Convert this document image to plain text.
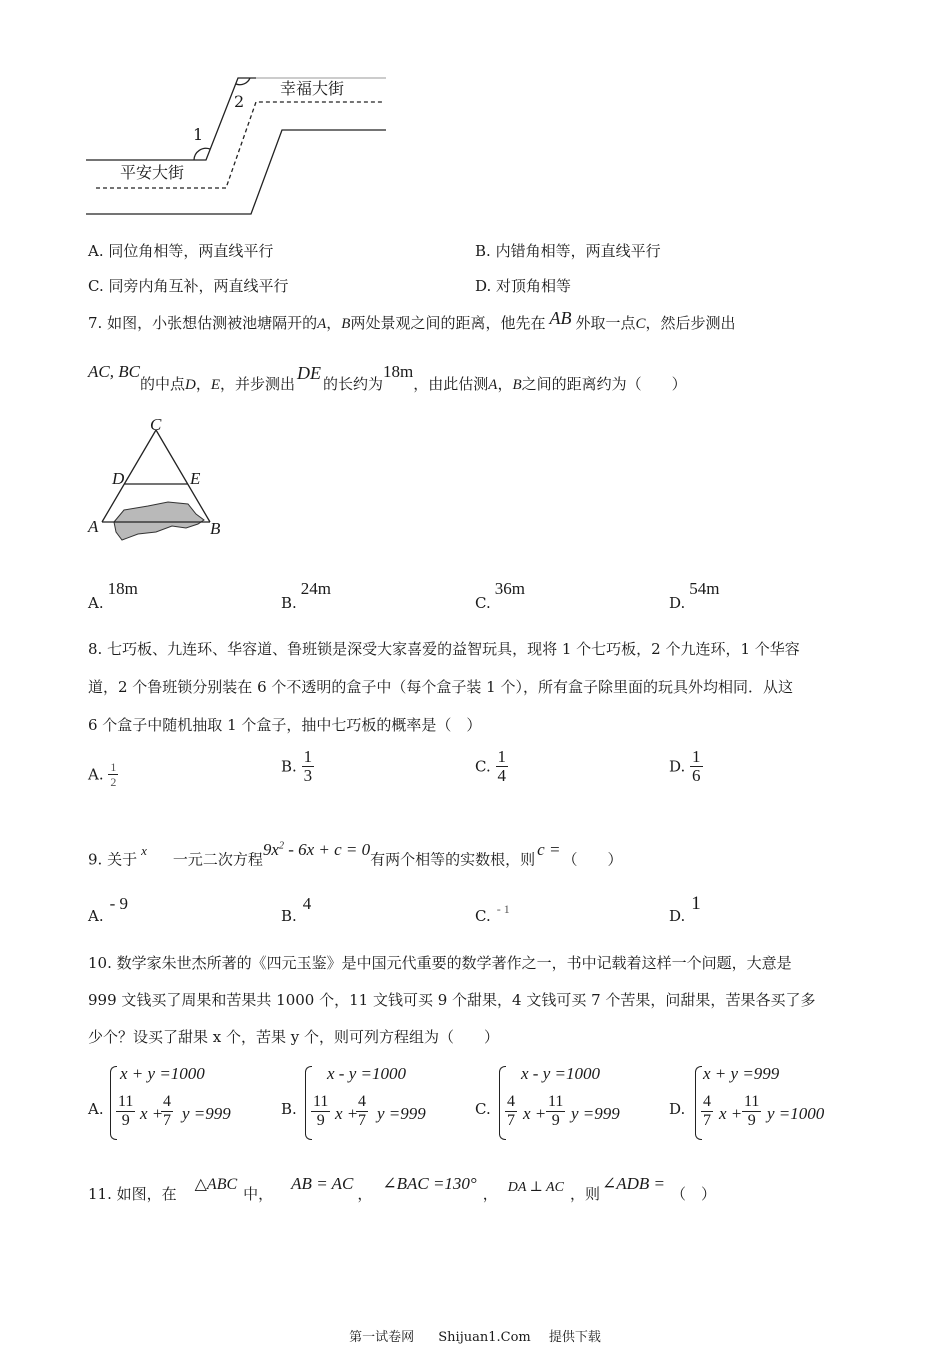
幸福大街
平安大街
1
2
A. 同位角相等，两直线平行	B. 内错角相等，两直线平行
C. 同旁内角互补，两直线平行	D. 对顶角相等
7. 如图，小张想估测被池塘隔开的A，B两处景观之间的距离，他先在 AB 外取一点C，然后步测出
AC, BC的中点D，E，并步测出DE的长约为18m，由此估测A，B之间的距离约为（　　）
C
D	E
A	B
A.18m
B.24m
C.36m
D.54m
8. 七巧板、九连环、华容道、鲁班锁是深受大家喜爱的益智玩具，现将 1 个七巧板，2 个九连环，1 个华容
道，2 个鲁班锁分别装在 6 个不透明的盒子中（每个盒子装 1 个），所有盒子除里面的玩具外均相同．从这
6 个盒子中随机抽取 1 个盒子，抽中七巧板的概率是（　）
A. $\frac{1}{2}$	B. $\frac{1}{3}$	C. $\frac{1}{4}$	D. $\frac{1}{6}$
9. 关于x一元二次方程$9x^2 - 6x + c = 0$有两个相等的实数根，则c =（　　）
A.- 9
B.4
C. $^{- 1}$	D.1
10. 数学家朱世杰所著的《四元玉鉴》是中国元代重要的数学著作之一，书中记载着这样一个问题，大意是
999 文钱买了周果和苦果共 1000 个，11 文钱可买 9 个甜果，4 文钱可买 7 个苦果，问甜果，苦果各买了多
少个？设买了甜果 x 个，苦果 y 个，则可列方程组为（　　）
A.
x + y =1000
$\frac{11}{9}$ x +
$\frac{4}{7}$ y =999	B.
x - y =1000
$\frac{11}{9}$ x +
$\frac{4}{7}$ y =999	C.
x - y =1000
$\frac{4}{7}$ $x + \frac{11}{9}$ y =999	D.
x + y =999
$\frac{4}{7}$ $x + \frac{11}{9}$ y =1000
11. 如图，在△ABC中，AB = AC，∠BAC =130°， DA ⊥ AC ，则∠ADB =（　）
第一试卷网 Shijuan1.Com 提供下载
